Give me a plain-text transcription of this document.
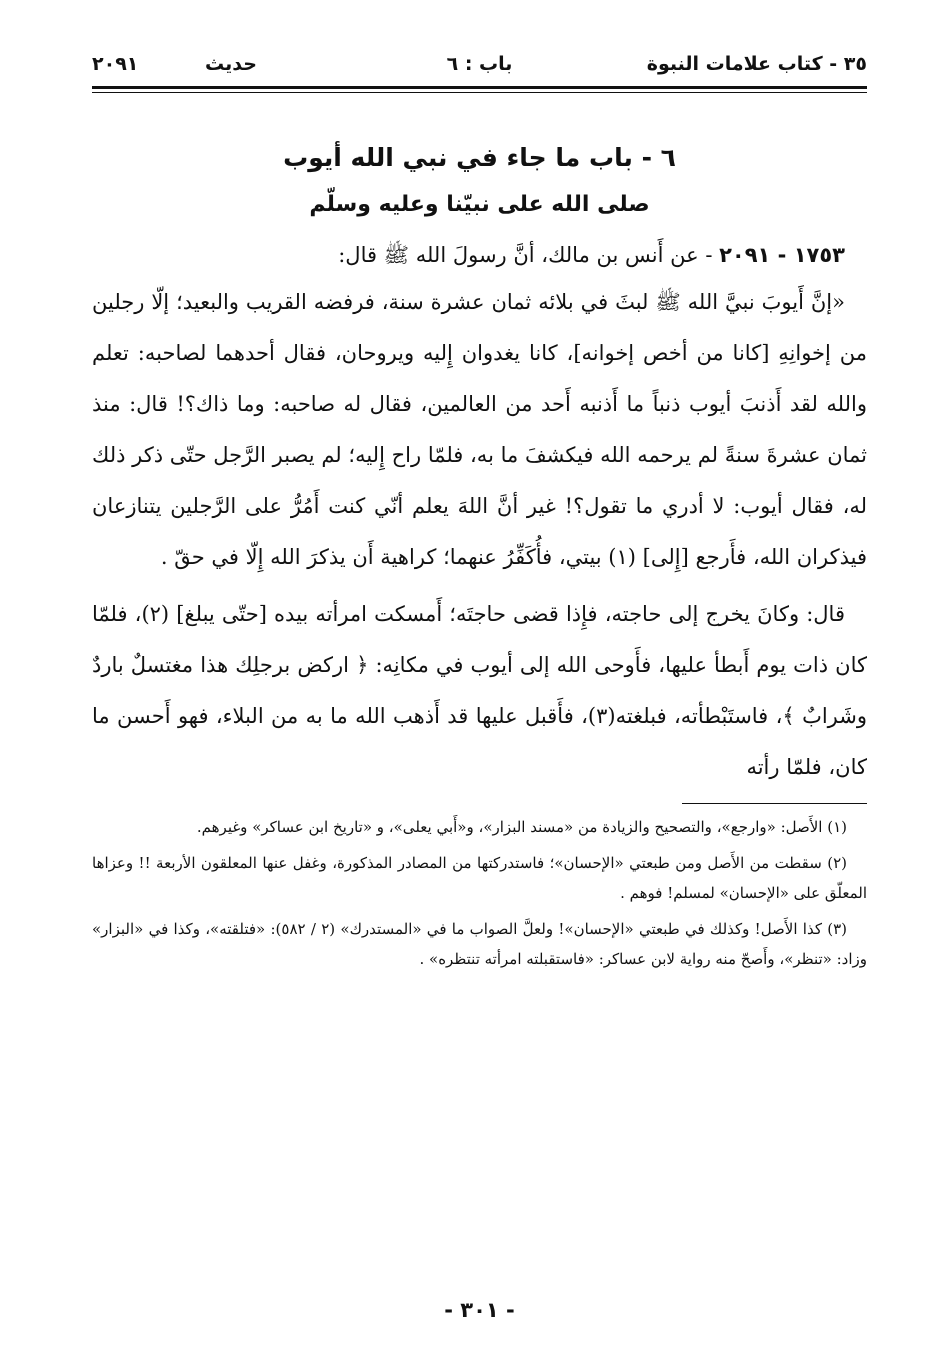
٣٥ - كتاب علامات النبوة
باب : ٦
حديث ٢٠٩١
٦ - باب ما جاء في نبي الله أيوب
صلى الله على نبيّنا وعليه وسلّم
١٧٥٣ - ٢٠٩١ - عن أَنس بن مالك، أنَّ رسولَ الله ﷺ قال:

«إنَّ أَيوبَ نبيَّ الله ﷺ لبثَ في بلائه ثمان عشرة سنة، فرفضه القريب والبعيد؛ إلّا رجلين من إخوانِهِ [كانا من أخص إخوانه]، كانا يغدوان إِليه ويروحان، فقال أحدهما لصاحبه: تعلم والله لقد أَذنبَ أيوب ذنباً ما أَذنبه أَحد من العالمين، فقال له صاحبه: وما ذاك؟! قال: منذ ثمان عشرةَ سنةً لم يرحمه الله فيكشفَ ما به، فلمّا راح إِليه؛ لم يصبر الرَّجل حتّى ذكر ذلك له، فقال أيوب: لا أدري ما تقول؟! غير أنَّ اللهَ يعلم أنّي كنت أَمُرُّ على الرَّجلين يتنازعان فيذكران الله، فأَرجع [إِلى] (١) بيتي، فأُكَفِّرُ عنهما؛ كراهية أَن يذكرَ الله إِلّا في حقّ .

قال: وكانَ يخرج إلى حاجته، فإِذا قضى حاجتَه؛ أَمسكت امرأته بيده [حتّى يبلغ] (٢)، فلمّا كان ذات يوم أَبطأ عليها، فأَوحى الله إلى أيوب في مكانِه: ﴿ اركض برجلِك هذا مغتسلٌ باردٌ وشَرابٌ ﴾، فاستَبْطأته، فبلغته(٣)، فأَقبل عليها قد أَذهب الله ما به من البلاء، فهو أَحسن ما كان، فلمّا رأته

(١) الأَصل: «وارجع»، والتصحيح والزيادة من «مسند البزار»، و«أَبي يعلى»، و «تاريخ ابن عساكر» وغيرهم.

(٢) سقطت من الأَصل ومن طبعتي «الإحسان»؛ فاستدركتها من المصادر المذكورة، وغفل عنها المعلقون الأربعة !! وعزاها المعلّق على «الإحسان» لمسلم! فوهم .

(٣) كذا الأَصل! وكذلك في طبعتي «الإحسان»! ولعلَّ الصواب ما في «المستدرك» (٢ / ٥٨٢): «فتلقته»، وكذا في «البزار» وزاد: «تنظر»، وأَصحّ منه رواية لابن عساكر: «فاستقبلته امرأته تنتظره» .

- ٣٠١ -
